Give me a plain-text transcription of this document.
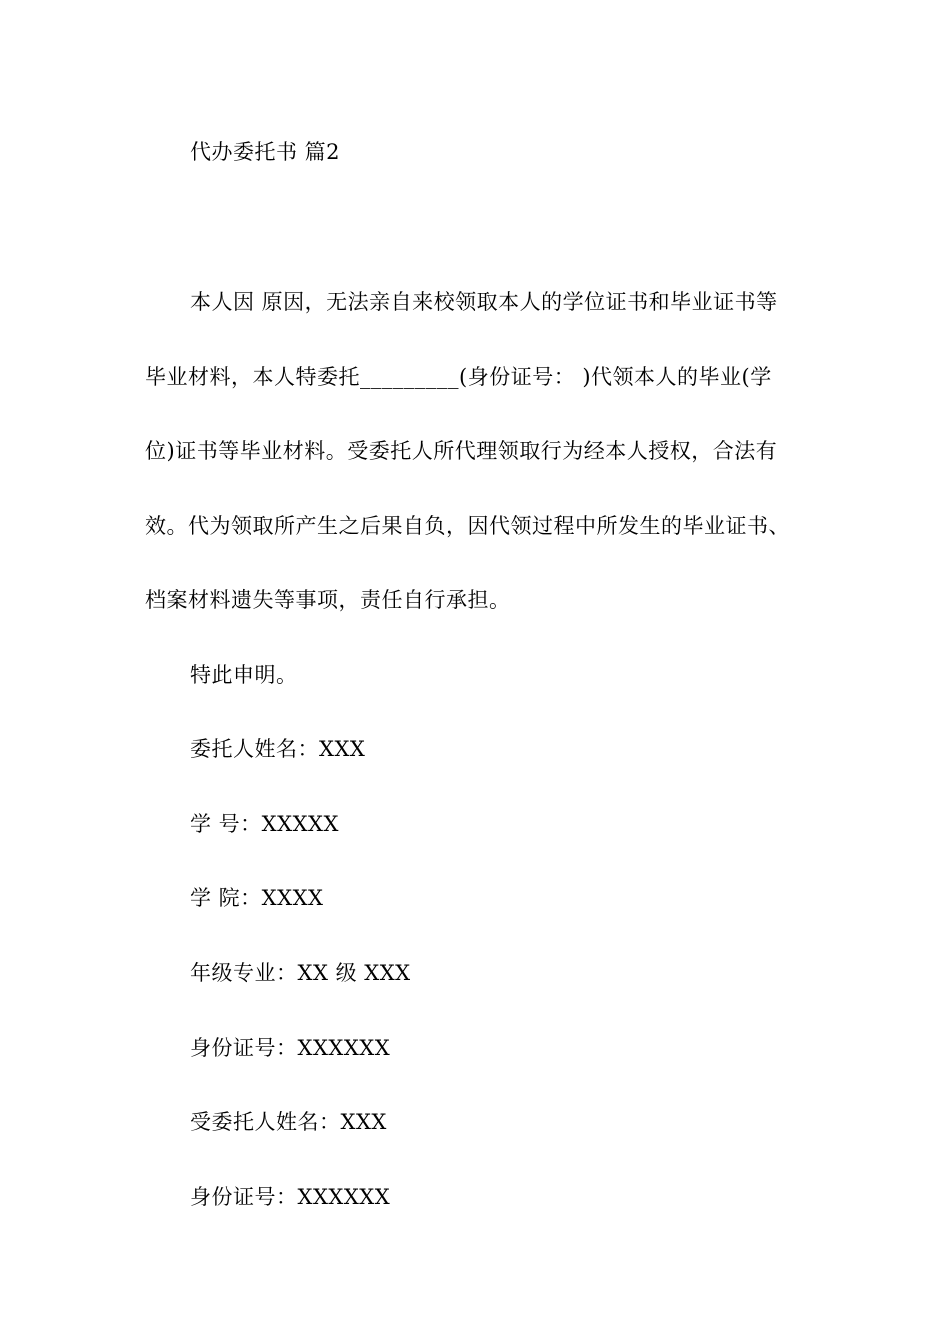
代办委托书 篇2
本人因 原因，无法亲自来校领取本人的学位证书和毕业证书等
毕业材料，本人特委托_________(身份证号： )代领本人的毕业(学
位)证书等毕业材料。受委托人所代理领取行为经本人授权，合法有
效。代为领取所产生之后果自负，因代领过程中所发生的毕业证书、
档案材料遗失等事项，责任自行承担。
特此申明。
委托人姓名：XXX
学 号：XXXXX
学 院：XXXX
年级专业：XX 级 XXX
身份证号：XXXXXX
受委托人姓名：XXX
身份证号：XXXXXX
